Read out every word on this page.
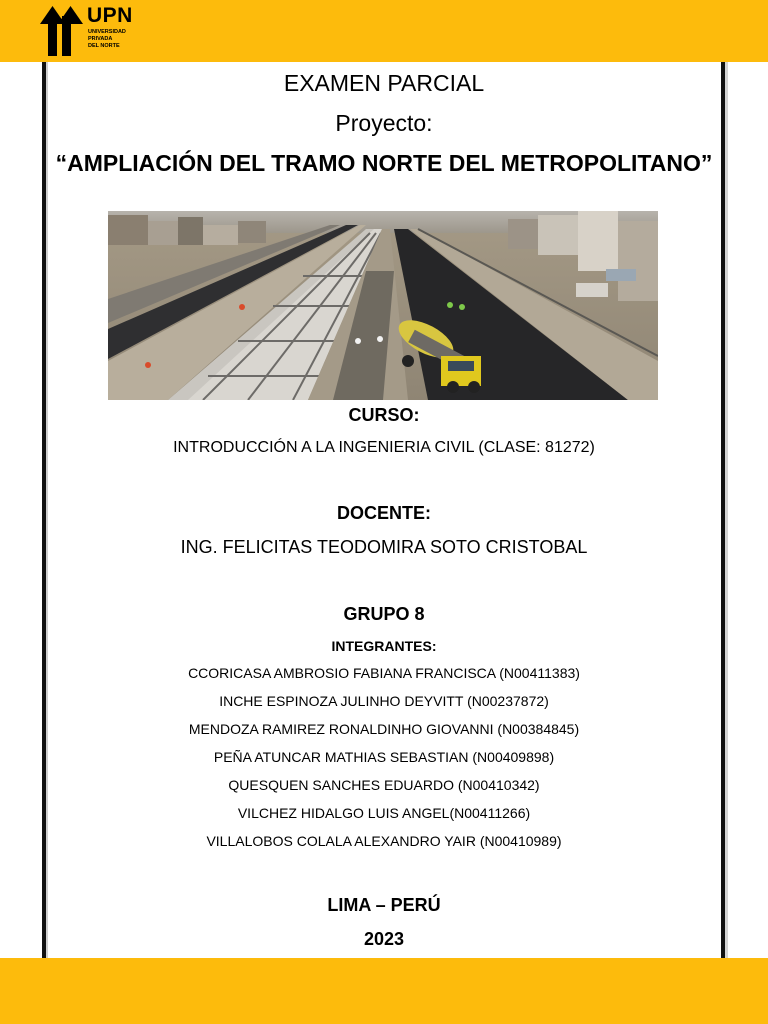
UPN
UNIVERSIDAD
PRIVADA
DEL NORTE
EXAMEN PARCIAL
Proyecto:
“AMPLIACIÓN DEL TRAMO NORTE DEL METROPOLITANO”
CURSO:
INTRODUCCIÓN A LA INGENIERIA CIVIL (CLASE: 81272)
DOCENTE:
ING. FELICITAS TEODOMIRA SOTO CRISTOBAL
GRUPO 8
INTEGRANTES:
CCORICASA AMBROSIO FABIANA FRANCISCA (N00411383)
INCHE ESPINOZA JULINHO DEYVITT (N00237872)
MENDOZA RAMIREZ RONALDINHO GIOVANNI (N00384845)
PEÑA ATUNCAR MATHIAS SEBASTIAN (N00409898)
QUESQUEN SANCHES EDUARDO (N00410342)
VILCHEZ HIDALGO LUIS ANGEL(N00411266)
VILLALOBOS COLALA ALEXANDRO YAIR (N00410989)
LIMA – PERÚ
2023
